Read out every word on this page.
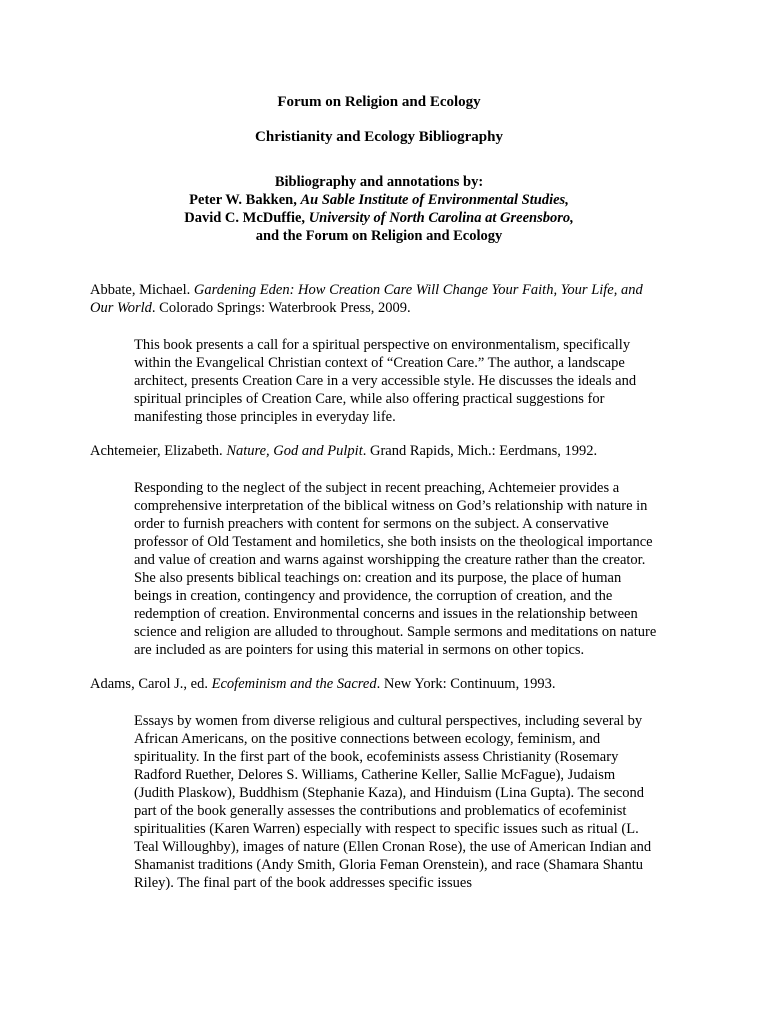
Forum on Religion and Ecology

Christianity and Ecology Bibliography

Bibliography and annotations by:
Peter W. Bakken, Au Sable Institute of Environmental Studies,
David C. McDuffie, University of North Carolina at Greensboro,
and the Forum on Religion and Ecology

Abbate, Michael. Gardening Eden: How Creation Care Will Change Your Faith, Your Life, and Our World. Colorado Springs: Waterbrook Press, 2009.

This book presents a call for a spiritual perspective on environmentalism, specifically within the Evangelical Christian context of “Creation Care.” The author, a landscape architect, presents Creation Care in a very accessible style. He discusses the ideals and spiritual principles of Creation Care, while also offering practical suggestions for manifesting those principles in everyday life.

Achtemeier, Elizabeth. Nature, God and Pulpit. Grand Rapids, Mich.: Eerdmans, 1992.

Responding to the neglect of the subject in recent preaching, Achtemeier provides a comprehensive interpretation of the biblical witness on God’s relationship with nature in order to furnish preachers with content for sermons on the subject. A conservative professor of Old Testament and homiletics, she both insists on the theological importance and value of creation and warns against worshipping the creature rather than the creator. She also presents biblical teachings on: creation and its purpose, the place of human beings in creation, contingency and providence, the corruption of creation, and the redemption of creation. Environmental concerns and issues in the relationship between science and religion are alluded to throughout. Sample sermons and meditations on nature are included as are pointers for using this material in sermons on other topics.

Adams, Carol J., ed. Ecofeminism and the Sacred. New York: Continuum, 1993.

Essays by women from diverse religious and cultural perspectives, including several by African Americans, on the positive connections between ecology, feminism, and spirituality. In the first part of the book, ecofeminists assess Christianity (Rosemary Radford Ruether, Delores S. Williams, Catherine Keller, Sallie McFague), Judaism (Judith Plaskow), Buddhism (Stephanie Kaza), and Hinduism (Lina Gupta). The second part of the book generally assesses the contributions and problematics of ecofeminist spiritualities (Karen Warren) especially with respect to specific issues such as ritual (L. Teal Willoughby), images of nature (Ellen Cronan Rose), the use of American Indian and Shamanist traditions (Andy Smith, Gloria Feman Orenstein), and race (Shamara Shantu Riley). The final part of the book addresses specific issues
